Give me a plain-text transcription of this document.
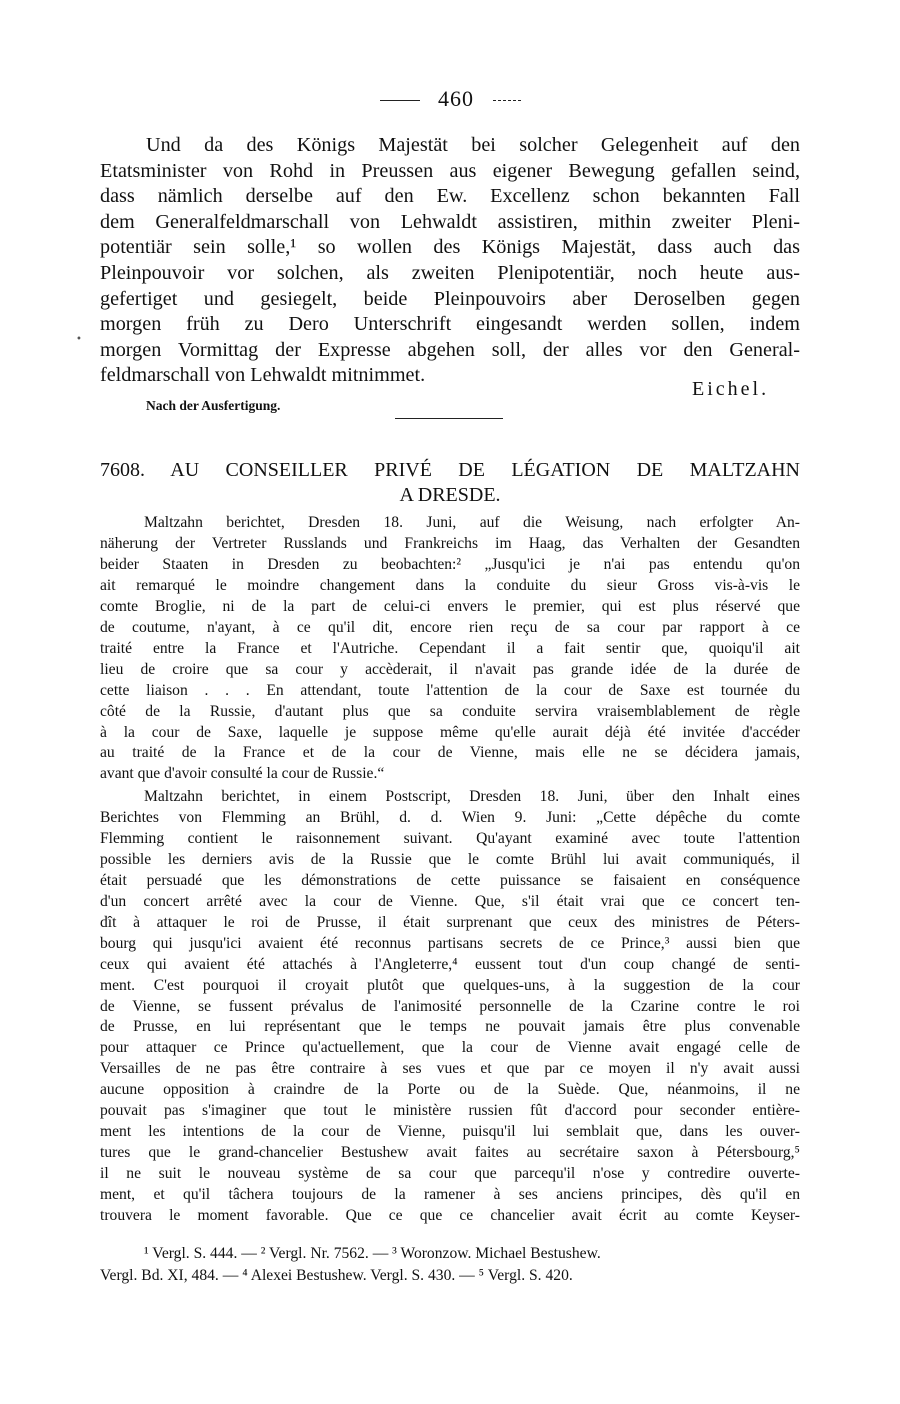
460
Und da des Königs Majestät bei solcher Gelegenheit auf den
Etatsminister von Rohd in Preussen aus eigener Bewegung gefallen seind,
dass nämlich derselbe auf den Ew. Excellenz schon bekannten Fall
dem Generalfeldmarschall von Lehwaldt assistiren, mithin zweiter Pleni-
potentiär sein solle,¹ so wollen des Königs Majestät, dass auch das
Pleinpouvoir vor solchen, als zweiten Plenipotentiär, noch heute aus-
gefertiget und gesiegelt, beide Pleinpouvoirs aber Deroselben gegen
morgen früh zu Dero Unterschrift eingesandt werden sollen, indem
morgen Vormittag der Expresse abgehen soll, der alles vor den General-
feldmarschall von Lehwaldt mitnimmet.
•
Eichel.
Nach der Ausfertigung.
7608. AU CONSEILLER PRIVÉ DE LÉGATION DE MALTZAHN
A DRESDE.
Maltzahn berichtet, Dresden 18. Juni, auf die Weisung, nach erfolgter An-
näherung der Vertreter Russlands und Frankreichs im Haag, das Verhalten der Gesandten
beider Staaten in Dresden zu beobachten:² „Jusqu'ici je n'ai pas entendu qu'on
ait remarqué le moindre changement dans la conduite du sieur Gross vis-à-vis le
comte Broglie, ni de la part de celui-ci envers le premier, qui est plus réservé que
de coutume, n'ayant, à ce qu'il dit, encore rien reçu de sa cour par rapport à ce
traité entre la France et l'Autriche. Cependant il a fait sentir que, quoiqu'il ait
lieu de croire que sa cour y accèderait, il n'avait pas grande idée de la durée de
cette liaison . . . En attendant, toute l'attention de la cour de Saxe est tournée du
côté de la Russie, d'autant plus que sa conduite servira vraisemblablement de règle
à la cour de Saxe, laquelle je suppose même qu'elle aurait déjà été invitée d'accéder
au traité de la France et de la cour de Vienne, mais elle ne se décidera jamais,
avant que d'avoir consulté la cour de Russie.“
Maltzahn berichtet, in einem Postscript, Dresden 18. Juni, über den Inhalt eines
Berichtes von Flemming an Brühl, d. d. Wien 9. Juni: „Cette dépêche du comte
Flemming contient le raisonnement suivant. Qu'ayant examiné avec toute l'attention
possible les derniers avis de la Russie que le comte Brühl lui avait communiqués, il
était persuadé que les démonstrations de cette puissance se faisaient en conséquence
d'un concert arrêté avec la cour de Vienne. Que, s'il était vrai que ce concert ten-
dît à attaquer le roi de Prusse, il était surprenant que ceux des ministres de Péters-
bourg qui jusqu'ici avaient été reconnus partisans secrets de ce Prince,³ aussi bien que
ceux qui avaient été attachés à l'Angleterre,⁴ eussent tout d'un coup changé de senti-
ment. C'est pourquoi il croyait plutôt que quelques-uns, à la suggestion de la cour
de Vienne, se fussent prévalus de l'animosité personnelle de la Czarine contre le roi
de Prusse, en lui représentant que le temps ne pouvait jamais être plus convenable
pour attaquer ce Prince qu'actuellement, que la cour de Vienne avait engagé celle de
Versailles de ne pas être contraire à ses vues et que par ce moyen il n'y avait aussi
aucune opposition à craindre de la Porte ou de la Suède. Que, néanmoins, il ne
pouvait pas s'imaginer que tout le ministère russien fût d'accord pour seconder entière-
ment les intentions de la cour de Vienne, puisqu'il lui semblait que, dans les ouver-
tures que le grand-chancelier Bestushew avait faites au secrétaire saxon à Pétersbourg,⁵
il ne suit le nouveau système de sa cour que parcequ'il n'ose y contredire ouverte-
ment, et qu'il tâchera toujours de la ramener à ses anciens principes, dès qu'il en
trouvera le moment favorable. Que ce que ce chancelier avait écrit au comte Keyser-
¹ Vergl. S. 444. — ² Vergl. Nr. 7562. — ³ Woronzow. Michael Bestushew.
Vergl. Bd. XI, 484. — ⁴ Alexei Bestushew. Vergl. S. 430. — ⁵ Vergl. S. 420.
